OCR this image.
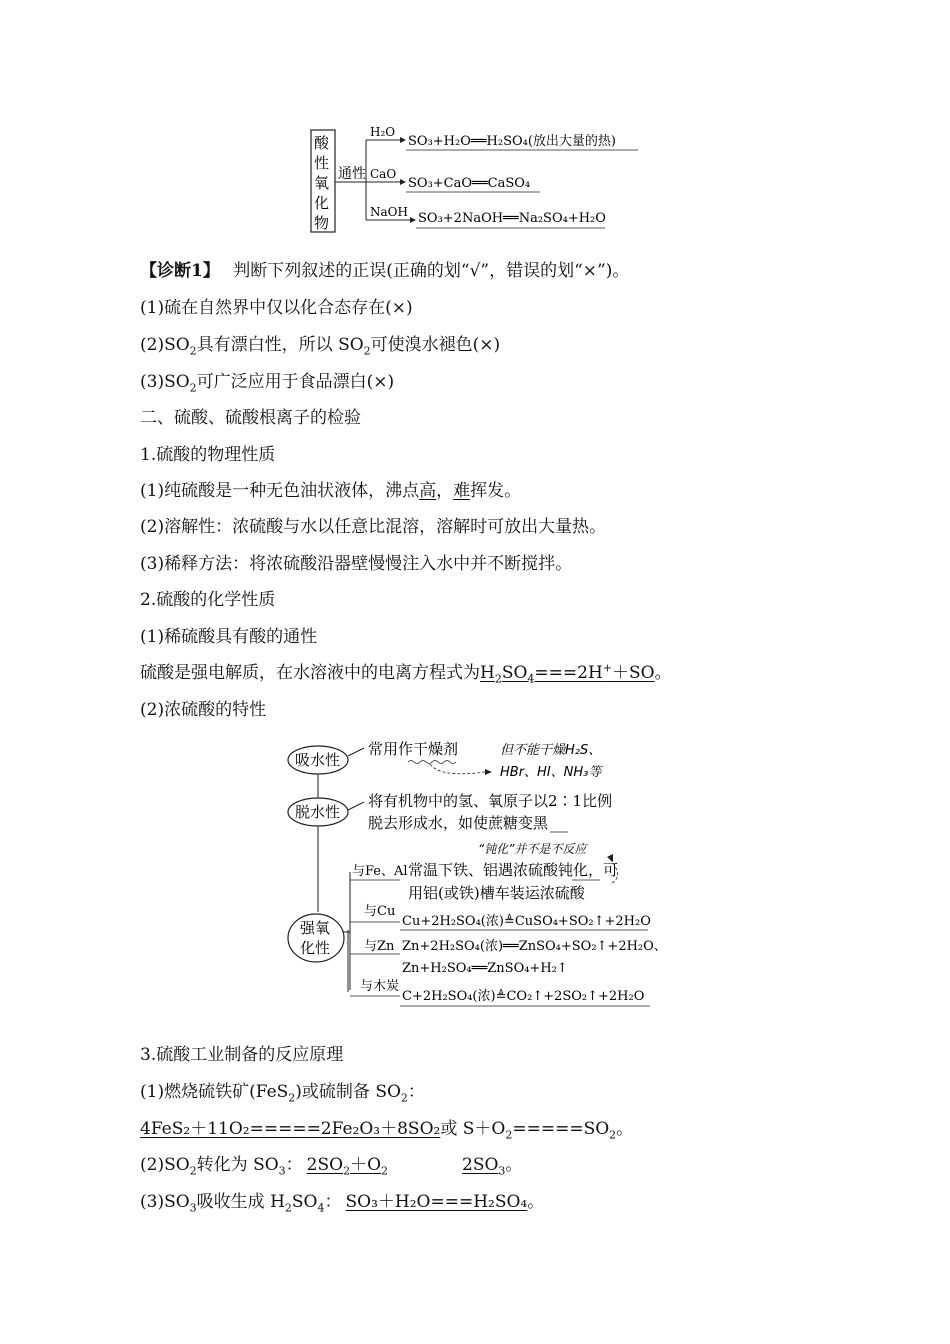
酸
性
氧
化
物
通性
H₂O
CaO
NaOH
SO₃+H₂O══H₂SO₄(放出大量的热)
SO₃+CaO══CaSO₄
SO₃+2NaOH══Na₂SO₄+H₂O
【诊断1】 判断下列叙述的正误(正确的划“√”，错误的划“×”)。
(1)硫在自然界中仅以化合态存在(×)
$(2)SO_2$具有漂白性，所以 $SO_2$可使溴水褪色(×)
$(3)SO_2$可广泛应用于食品漂白(×)
二、硫酸、硫酸根离子的检验
1.硫酸的物理性质
(1)纯硫酸是一种无色油状液体，沸点高，难挥发。
(2)溶解性：浓硫酸与水以任意比混溶，溶解时可放出大量热。
(3)稀释方法：将浓硫酸沿器壁慢慢注入水中并不断搅拌。
2.硫酸的化学性质
(1)稀硫酸具有酸的通性
硫酸是强电解质，在水溶液中的电离方程式为$H_2SO_4===2H^++SO$。
(2)浓硫酸的特性
吸水性
常用作干燥剂	但不能干燥H₂S、
HBr、HI、NH₃等
脱水性
将有机物中的氢、氧原子以2∶1比例
脱去形成水，如使蔗糖变黑
“钝化”并不是不反应
与Fe、Al 常温下铁、铝遇浓硫酸钝化，可
用铝(或铁)槽车装运浓硫酸
强氧
化性
与Cu
Cu+2H₂SO₄(浓)≜CuSO₄+SO₂↑+2H₂O
与Zn Zn+2H₂SO₄(浓)══ZnSO₄+SO₂↑+2H₂O、
Zn+H₂SO₄══ZnSO₄+H₂↑
与木炭
C+2H₂SO₄(浓)≜CO₂↑+2SO₂↑+2H₂O
3.硫酸工业制备的反应原理
(1)燃烧硫铁矿(FeS$_2$)或硫制备 $SO_2$：
4FeS₂＋11O₂=====2Fe₂O₃＋8SO₂或 $S+O_2=====SO_2$。
$(2)SO_2$转化为 $SO_3$： $2SO_2+O_2$	$2SO_3$。
$(3)SO_3$吸收生成 $H_2SO_4$： SO₃＋H₂O===H₂SO₄。
